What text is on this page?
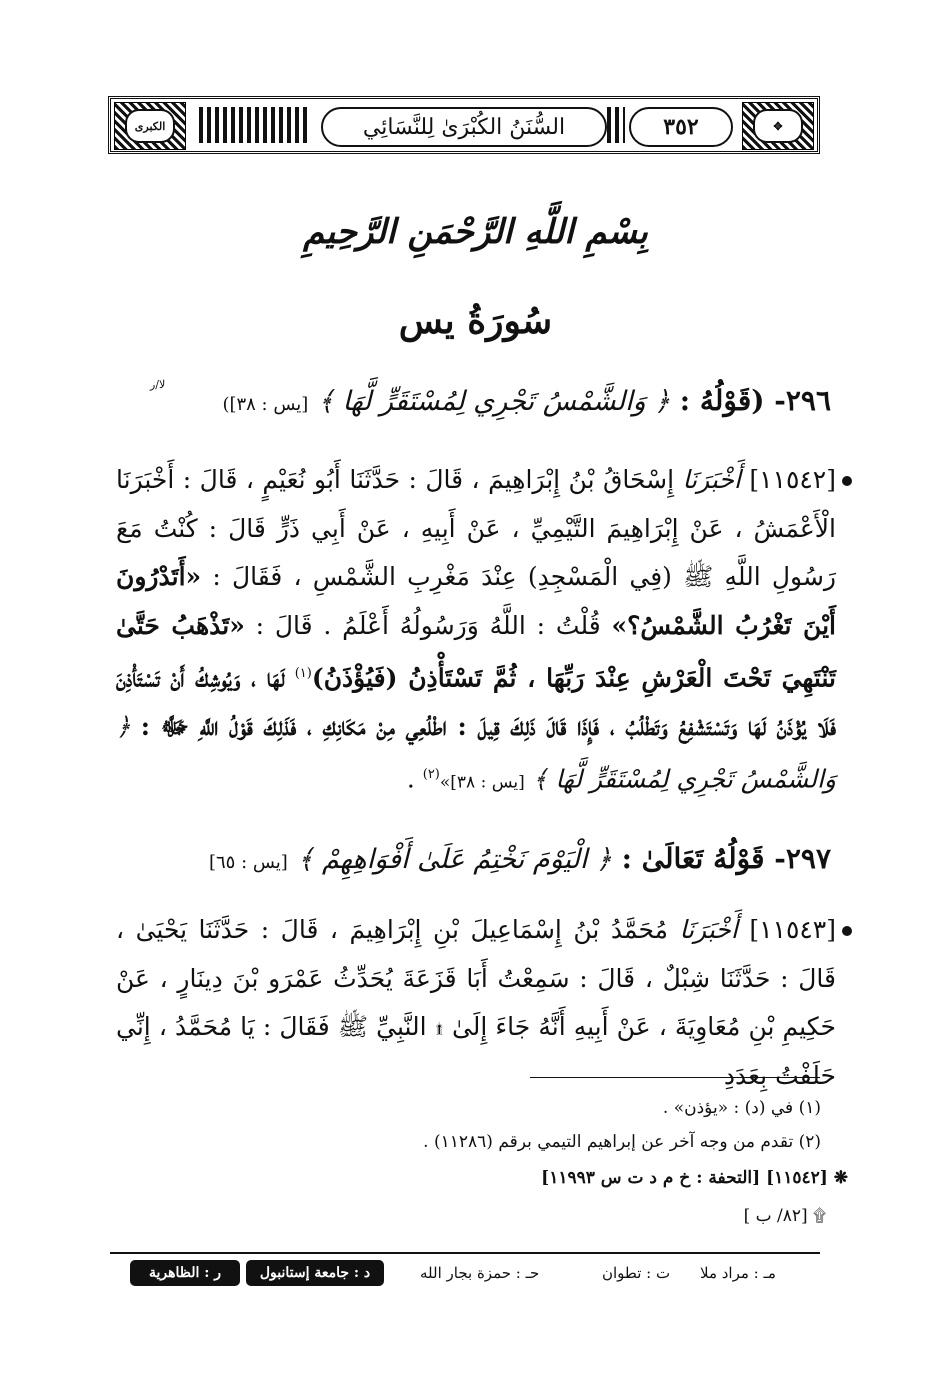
الكبرى	السُّنَنُ الكُبْرَىٰ لِلنَّسَائِي	٣٥٢	✥
بِسْمِ اللَّهِ الرَّحْمَنِ الرَّحِيمِ
سُورَةُ يس
٢٩٦- (قَوْلُهُ : ﴿ وَالشَّمْسُ تَجْرِي لِمُسْتَقَرٍّ لَّهَا ﴾ [يس : ٣٨])
لا/ر
[١١٥٤٢] أَخْبَرَنَا إِسْحَاقُ بْنُ إِبْرَاهِيمَ ، قَالَ : حَدَّثَنَا أَبُو نُعَيْمٍ ، قَالَ : أَخْبَرَنَا الْأَعْمَشُ ، عَنْ إِبْرَاهِيمَ التَّيْمِيِّ ، عَنْ أَبِيهِ ، عَنْ أَبِي ذَرٍّ قَالَ : كُنْتُ مَعَ رَسُولِ اللَّهِ ﷺ (فِي الْمَسْجِدِ) عِنْدَ مَغْرِبِ الشَّمْسِ ، فَقَالَ : «أَتَدْرُونَ أَيْنَ تَغْرُبُ الشَّمْسُ؟» قُلْتُ : اللَّهُ وَرَسُولُهُ أَعْلَمُ . قَالَ : «تَذْهَبُ حَتَّىٰ تَنْتَهِيَ تَحْتَ الْعَرْشِ عِنْدَ رَبِّهَا ، ثُمَّ تَسْتَأْذِنُ (فَيُؤْذَنُ)$^{(١)}$ لَهَا ، وَيُوشِكُ أَنْ تَسْتَأْذِنَ فَلَا يُؤْذَنُ لَهَا وَتَسْتَشْفِعُ وَتَطْلُبُ ، فَإِذَا قَالَ ذَلِكَ قِيلَ : اطْلُعِي مِنْ مَكَانِكِ ، فَذَلِكَ قَوْلُ اللَّهِ ﷻ : ﴿ وَالشَّمْسُ تَجْرِي لِمُسْتَقَرٍّ لَّهَا ﴾ [يس : ٣٨]»$^{(٢)}$ .
٢٩٧- قَوْلُهُ تَعَالَىٰ : ﴿ الْيَوْمَ نَخْتِمُ عَلَىٰ أَفْوَاهِهِمْ ﴾ [يس : ٦٥]
[١١٥٤٣] أَخْبَرَنَا مُحَمَّدُ بْنُ إِسْمَاعِيلَ بْنِ إِبْرَاهِيمَ ، قَالَ : حَدَّثَنَا يَحْيَىٰ ، قَالَ : حَدَّثَنَا شِبْلٌ ، قَالَ : سَمِعْتُ أَبَا قَزَعَةَ يُحَدِّثُ عَمْرَو بْنَ دِينَارٍ ، عَنْ حَكِيمِ بْنِ مُعَاوِيَةَ ، عَنْ أَبِيهِ أَنَّهُ جَاءَ إِلَىٰ ۩ النَّبِيِّ ﷺ فَقَالَ : يَا مُحَمَّدُ ، إِنِّي حَلَفْتُ بِعَدَدِ
(١) في (د) : «يؤذن» .
(٢) تقدم من وجه آخر عن إبراهيم التيمي برقم (١١٢٨٦) .
❋ [١١٥٤٢] [التحفة : خ م د ت س ١١٩٩٣]
۩ [٨٢/ ب ]
مـ : مراد ملا
ت : تطوان
حـ : حمزة بجار الله
د : جامعة إستانبول
ر : الظاهرية
